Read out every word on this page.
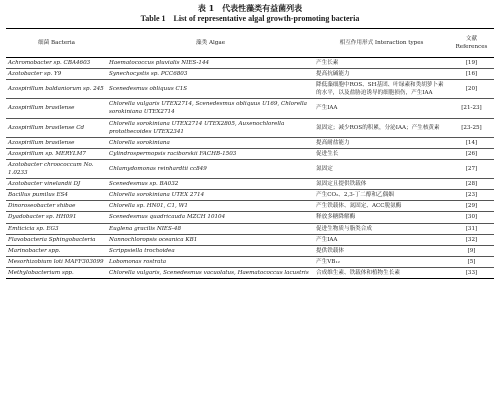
表 1　代表性藻类有益菌列表
Table 1　List of representative algal growth-promoting bacteria
细菌 Bacteria	藻类 Algae	相互作用形式 Interaction types	文献 References
Achromobacter sp. CBA4603	Haematococcus pluvialis NIES-144	产生长素	[19]
Azotobacter sp. Y9	Synechocystis sp. PCC6803	提高抗碱能力	[16]
Azospirillum baldaniorum sp. 245	Scenedesmus obliquus C1S	降低藻细胞中ROS、SH基团、叶绿素和类胡萝卜素的水平，以及盐胁迫诱导的细胞损伤，产生IAA	[20]
Azospirillum brasilense	Chlorella vulgaris UTEX2714, Scenedesmus obliquus U169, Chlorella sorokiniana UTEX2714	产生IAA	[21-23]
Azospirillum brasilense Cd	Chlorella sorokiniana UTEX2714 UTEX2805, Auxenochlorella protothecoides UTEX2341	氮固定；减少ROS的积累，分泌IAA；产生核黄素	[23-25]
Azospirillum brasilense	Chlorella sorokiniana	提高耐盐能力	[14]
Azospirillum sp. MERYLM7	Cylindrospermopsis raciborskii FACHB-1503	促进生长	[26]
Azotobacter chroococcum No. 1.0233	Chlamydomonas reinhardtii cc849	氮固定	[27]
Azotobacter vinelandii DJ	Scenedesmus sp. BA032	氮固定且提供铁载体	[28]
Bacillus pumilus ES4	Chlorella sorokiniana UTEX 2714	产生CO₂、2,3-丁二醇和乙偶姻	[23]
Dinoroseobacter shibae	Chlorella sp. HN01, C1, W1	产生铁载体、氮固定、ACC脱氨酶	[29]
Dyadobacter sp. HH091	Scenedesmus quadricauda MZCH 10104	释放多糖降解酶	[30]
Emticicia sp. EG3	Euglena gracilis NIES-48	促进生物质与脂类合成	[31]
Flavobacteria Sphingobacteria	Nannochloropsis oceanica KB1	产生IAA	[32]
Marinobacter spp.	Scrippsiella trochoidea	提供铁载体	[9]
Mesorhizobium loti MAFF303099	Lobomonas rostrata	产生VB₁₂	[5]
Methylobacterium spp.	Chlorella vulgaris, Scenedesmus vacuolatus, Haematococcus lacustris	合成维生素、铁载体和植物生长素	[33]
